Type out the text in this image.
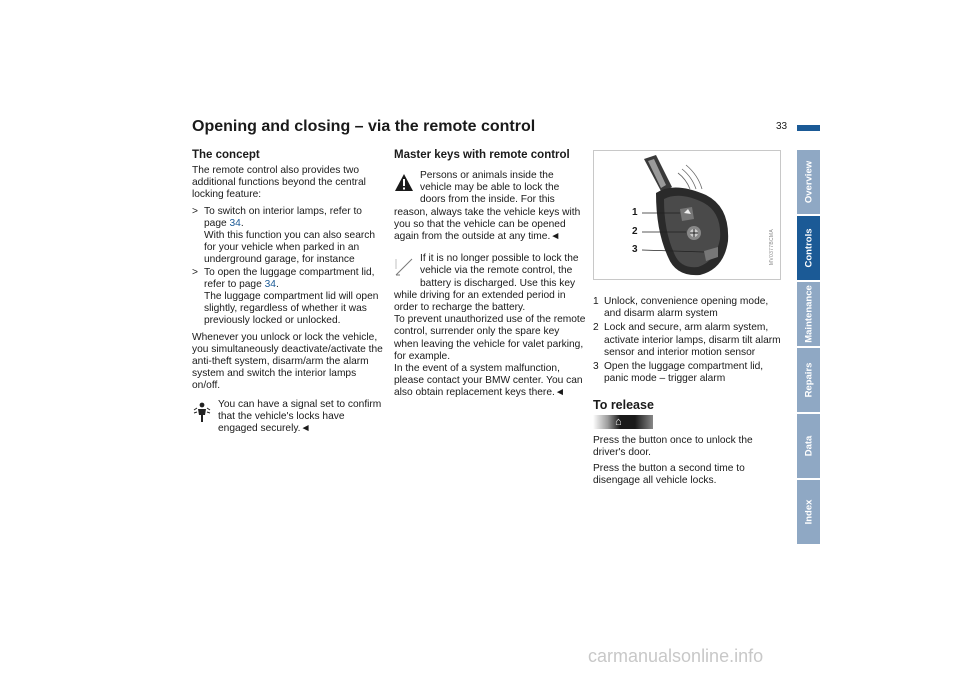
Opening and closing – via the remote control	33
The concept

The remote control also provides two additional functions beyond the central locking feature:

> To switch on interior lamps, refer to page 34.
With this function you can also search for your vehicle when parked in an underground garage, for instance
> To open the luggage compartment lid, refer to page 34.
The luggage compartment lid will open slightly, regardless of whether it was previously locked or unlocked.

Whenever you unlock or lock the vehicle, you simultaneously deactivate/activate the anti-theft system, disarm/arm the alarm system and switch the interior lamps on/off.

You can have a signal set to confirm that the vehicle's locks have engaged securely.◄
Master keys with remote control
Persons or animals inside the vehicle may be able to lock the doors from the inside. For this reason, always take the vehicle keys with you so that the vehicle can be opened again from the outside at any time.◄
If it is no longer possible to lock the vehicle via the remote control, the battery is discharged. Use this key while driving for an extended period in order to recharge the battery.
To prevent unauthorized use of the remote control, surrender only the spare key when leaving the vehicle for valet parking, for example.
In the event of a system malfunction, please contact your BMW center. You can also obtain replacement keys there.◄
1
2
3	MV0377BCMA
1 Unlock, convenience opening mode, and disarm alarm system
2 Lock and secure, arm alarm system, activate interior lamps, disarm tilt alarm sensor and interior motion sensor
3 Open the luggage compartment lid, panic mode – trigger alarm
To release
⌂

Press the button once to unlock the driver's door.

Press the button a second time to disengage all vehicle locks.

Overview
Controls
Maintenance
Repairs
Data
Index
carmanualsonline.info
